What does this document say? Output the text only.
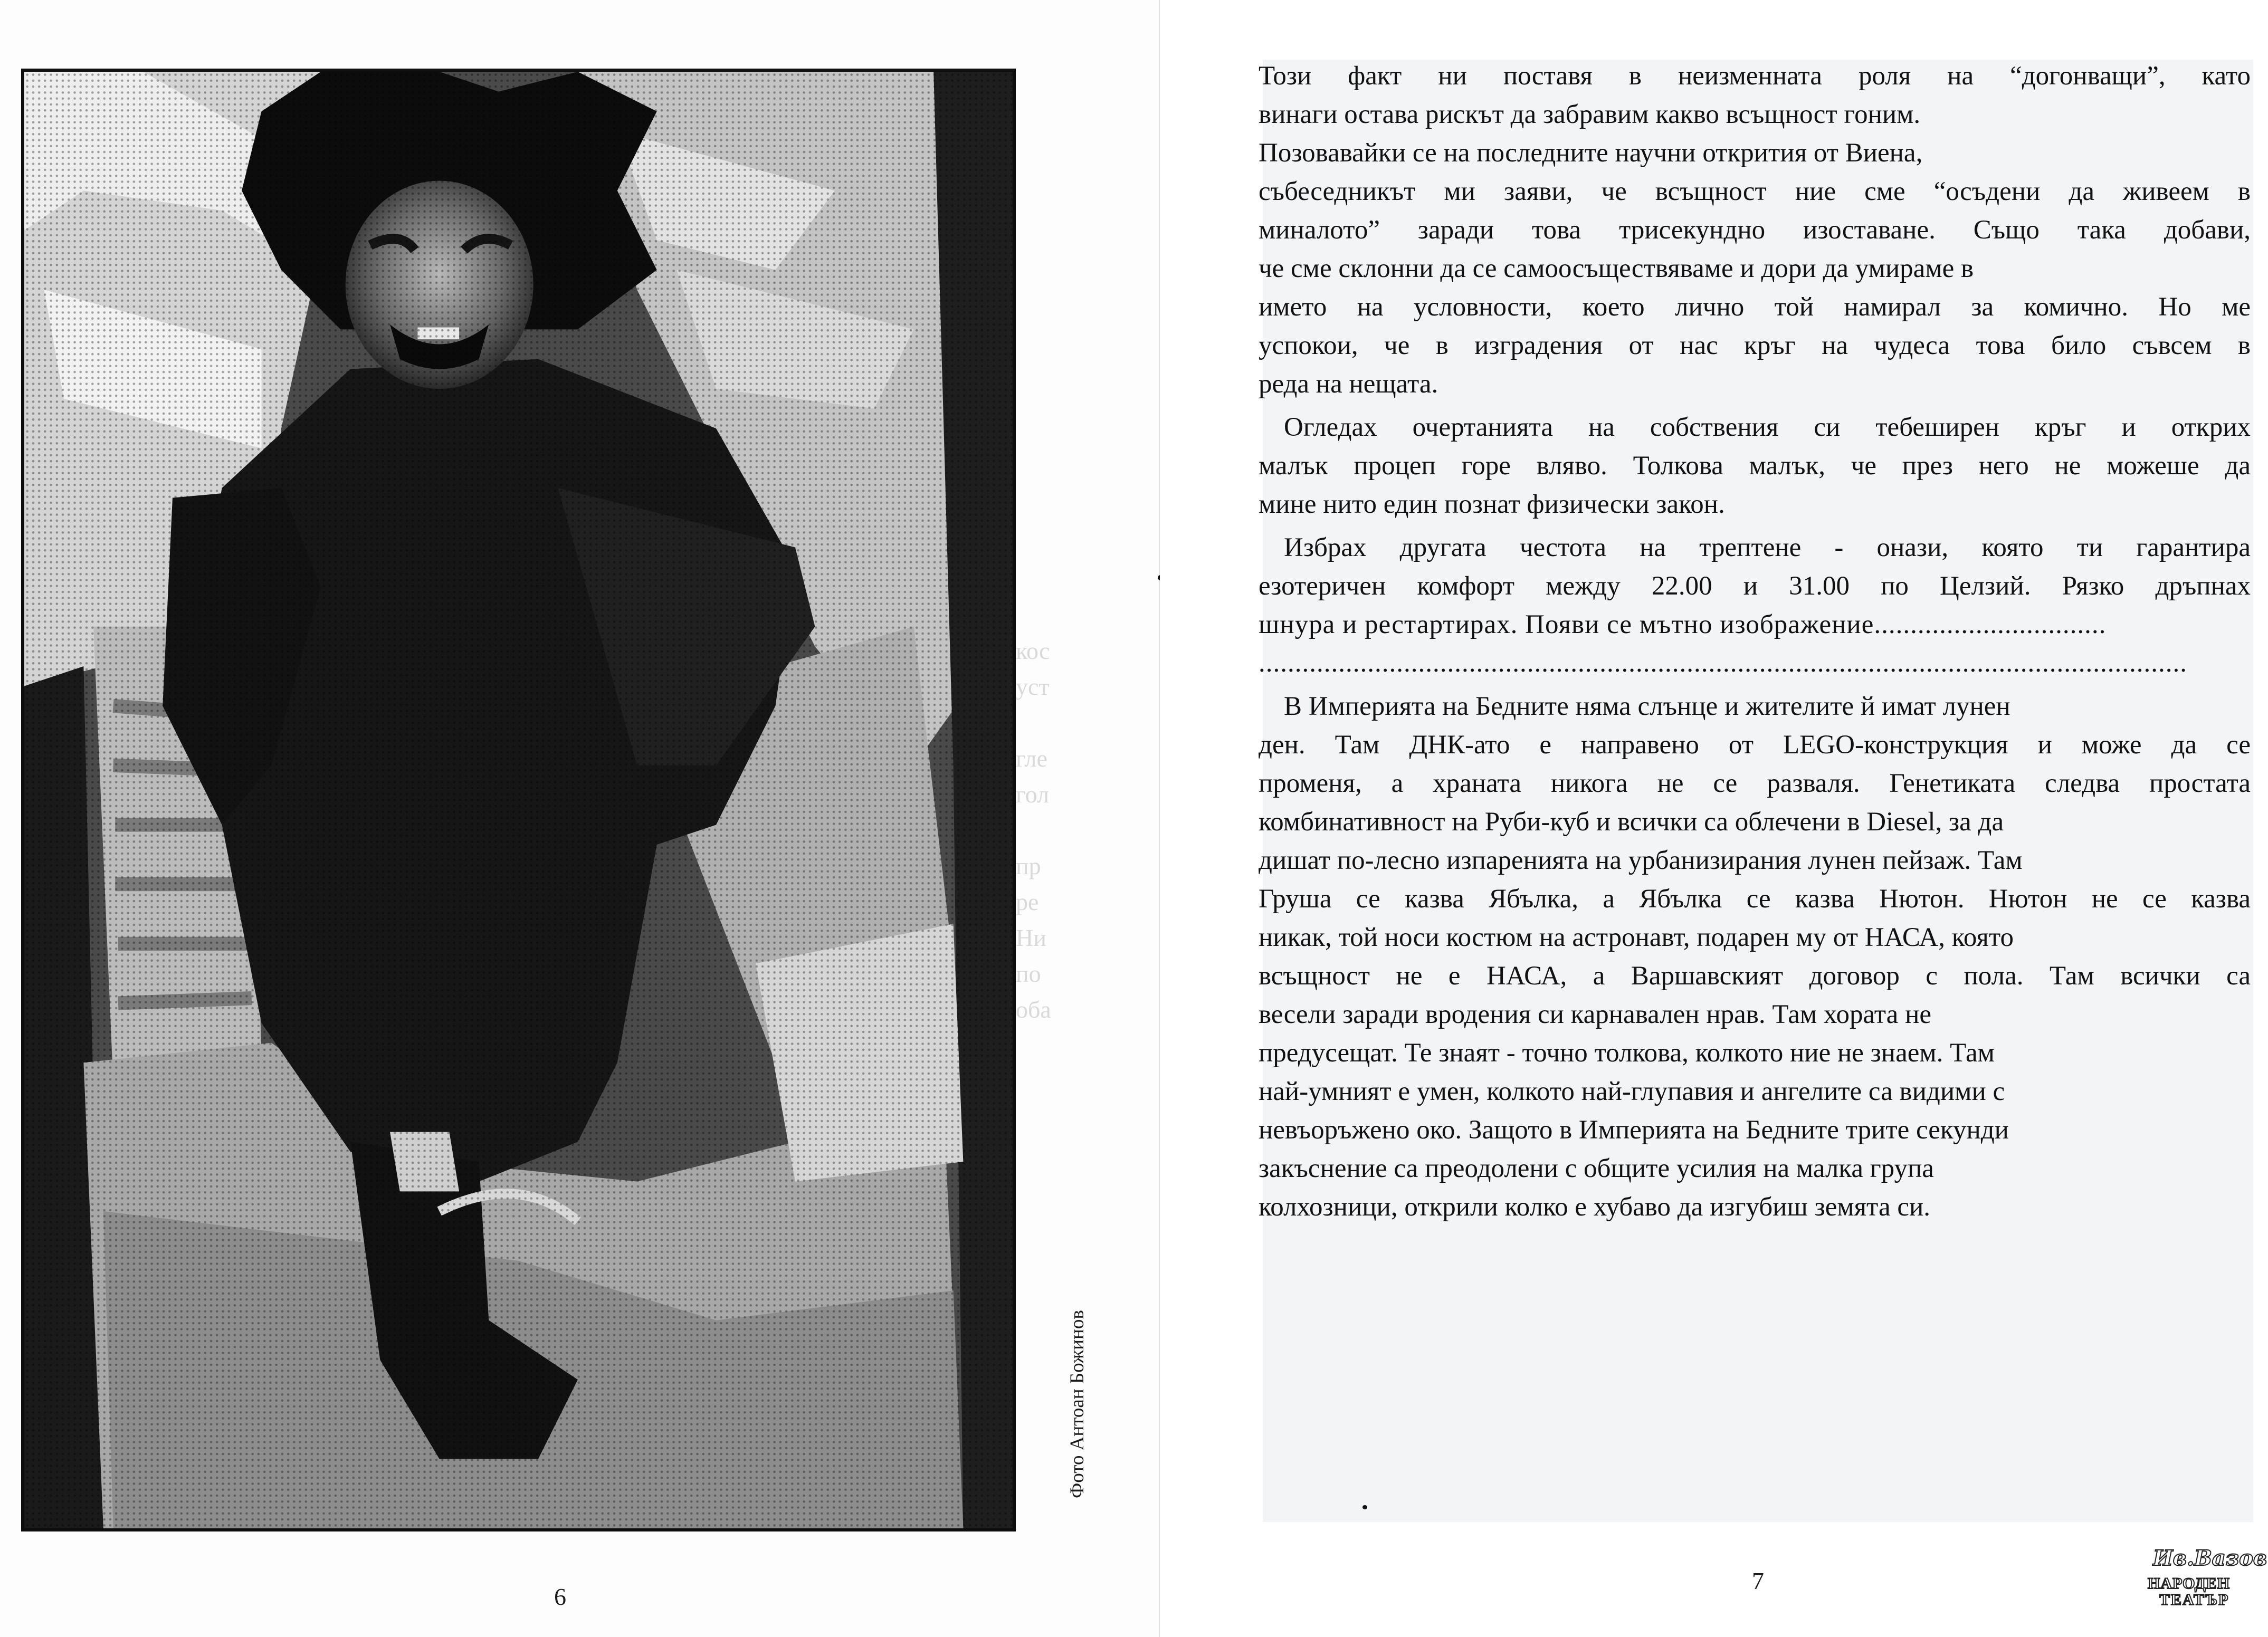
кос
уст

гле
гол

пр
ре
Ни
по
оба
Фото Антоан Божинов
6
Този факт ни поставя в неизменната роля на “догонващи”, като
винаги остава рискът да забравим какво всъщност гоним.
Позовавайки се на последните научни открития от Виена,
събеседникът ми заяви, че всъщност ние сме “осъдени да живеем в
миналото” заради това трисекундно изоставане. Също така добави,
че сме склонни да се самоосъществяваме и дори да умираме в
името на условности, което лично той намирал за комично. Но ме
успокои, че в изградения от нас кръг на чудеса това било съвсем в
реда на нещата.
Огледах очертанията на собствения си тебеширен кръг и открих
малък процеп горе вляво. Толкова малък, че през него не можеше да
мине нито един познат физически закон.
Избрах другата честота на трептене - онази, която ти гарантира
езотеричен комфорт между 22.00 и 31.00 по Целзий. Рязко дръпнах
шнура и рестартирах. Появи се мътно изображение................................
................................................................................................................................
В Империята на Бедните няма слънце и жителите й имат лунен
ден. Там ДНК-ато е направено от LEGO-конструкция и може да се
променя, а храната никога не се разваля. Генетиката следва простата
комбинативност на Руби-куб и всички са облечени в Diesel, за да
дишат по-лесно изпаренията на урбанизирания лунен пейзаж. Там
Груша се казва Ябълка, а Ябълка се казва Нютон. Нютон не се казва
никак, той носи костюм на астронавт, подарен му от НАСА, която
всъщност не е НАСА, а Варшавският договор с пола. Там всички са
весели заради вродения си карнавален нрав. Там хората не
предусещат. Те знаят - точно толкова, колкото ние не знаем. Там
най-умният е умен, колкото най-глупавия и ангелите са видими с
невъоръжено око. Защото в Империята на Бедните трите секунди
закъснение са преодолени с общите усилия на малка група
колхозници, открили колко е хубаво да изгубиш земята си.
7
Ив.Вазов
НАРОДЕН
ТЕАТЪР
